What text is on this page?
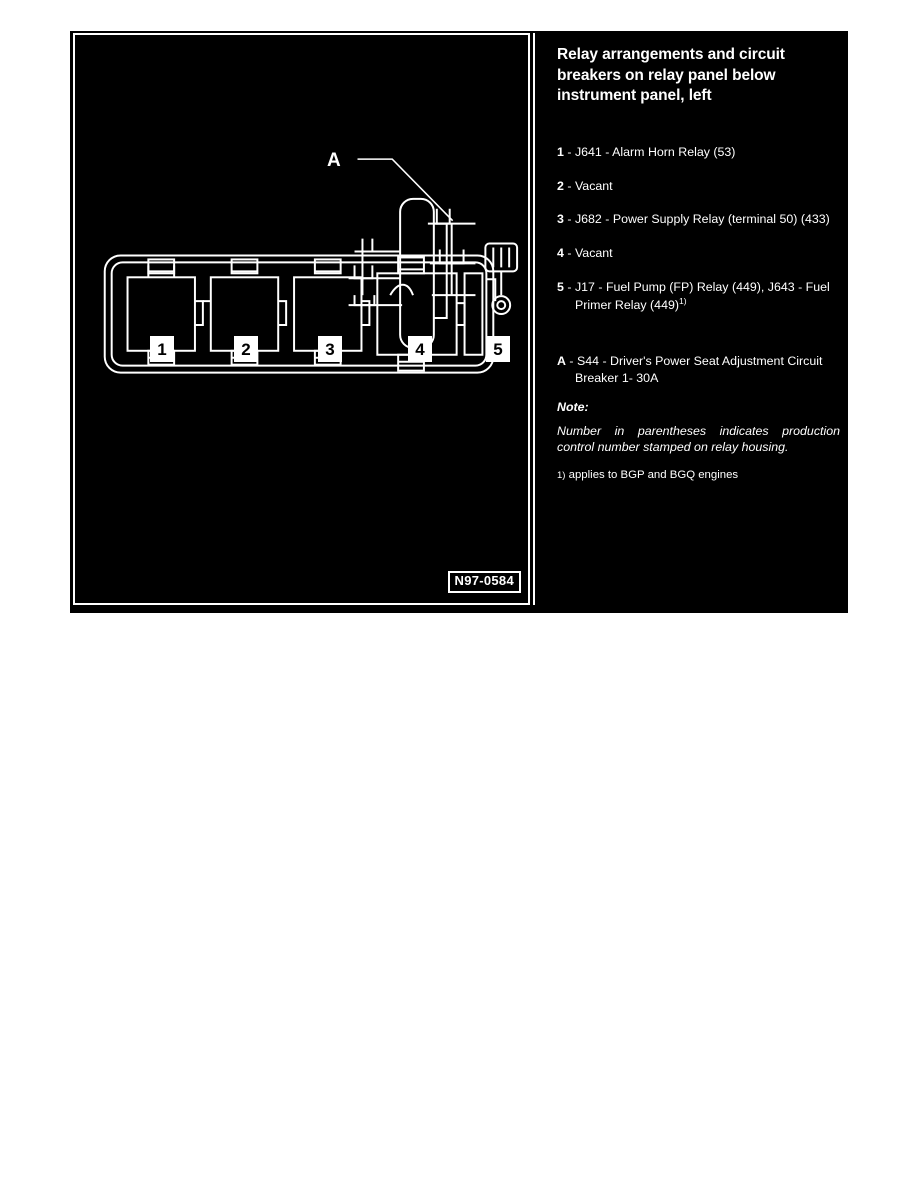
A
1	2	3	4	5
N97-0584
Relay arrangements and circuit breakers on relay panel below instrument panel, left
1 - J641 - Alarm Horn Relay (53)
2 - Vacant
3 - J682 - Power Supply Relay (terminal 50) (433)
4 - Vacant
5 - J17 - Fuel Pump (FP) Relay (449), J643 - Fuel Primer Relay $(449)^{1)}$
A - S44 - Driver's Power Seat Adjustment Circuit Breaker 1- 30A
Note:
Number in parentheses indicates production control number stamped on relay housing.
1) applies to BGP and BGQ engines
